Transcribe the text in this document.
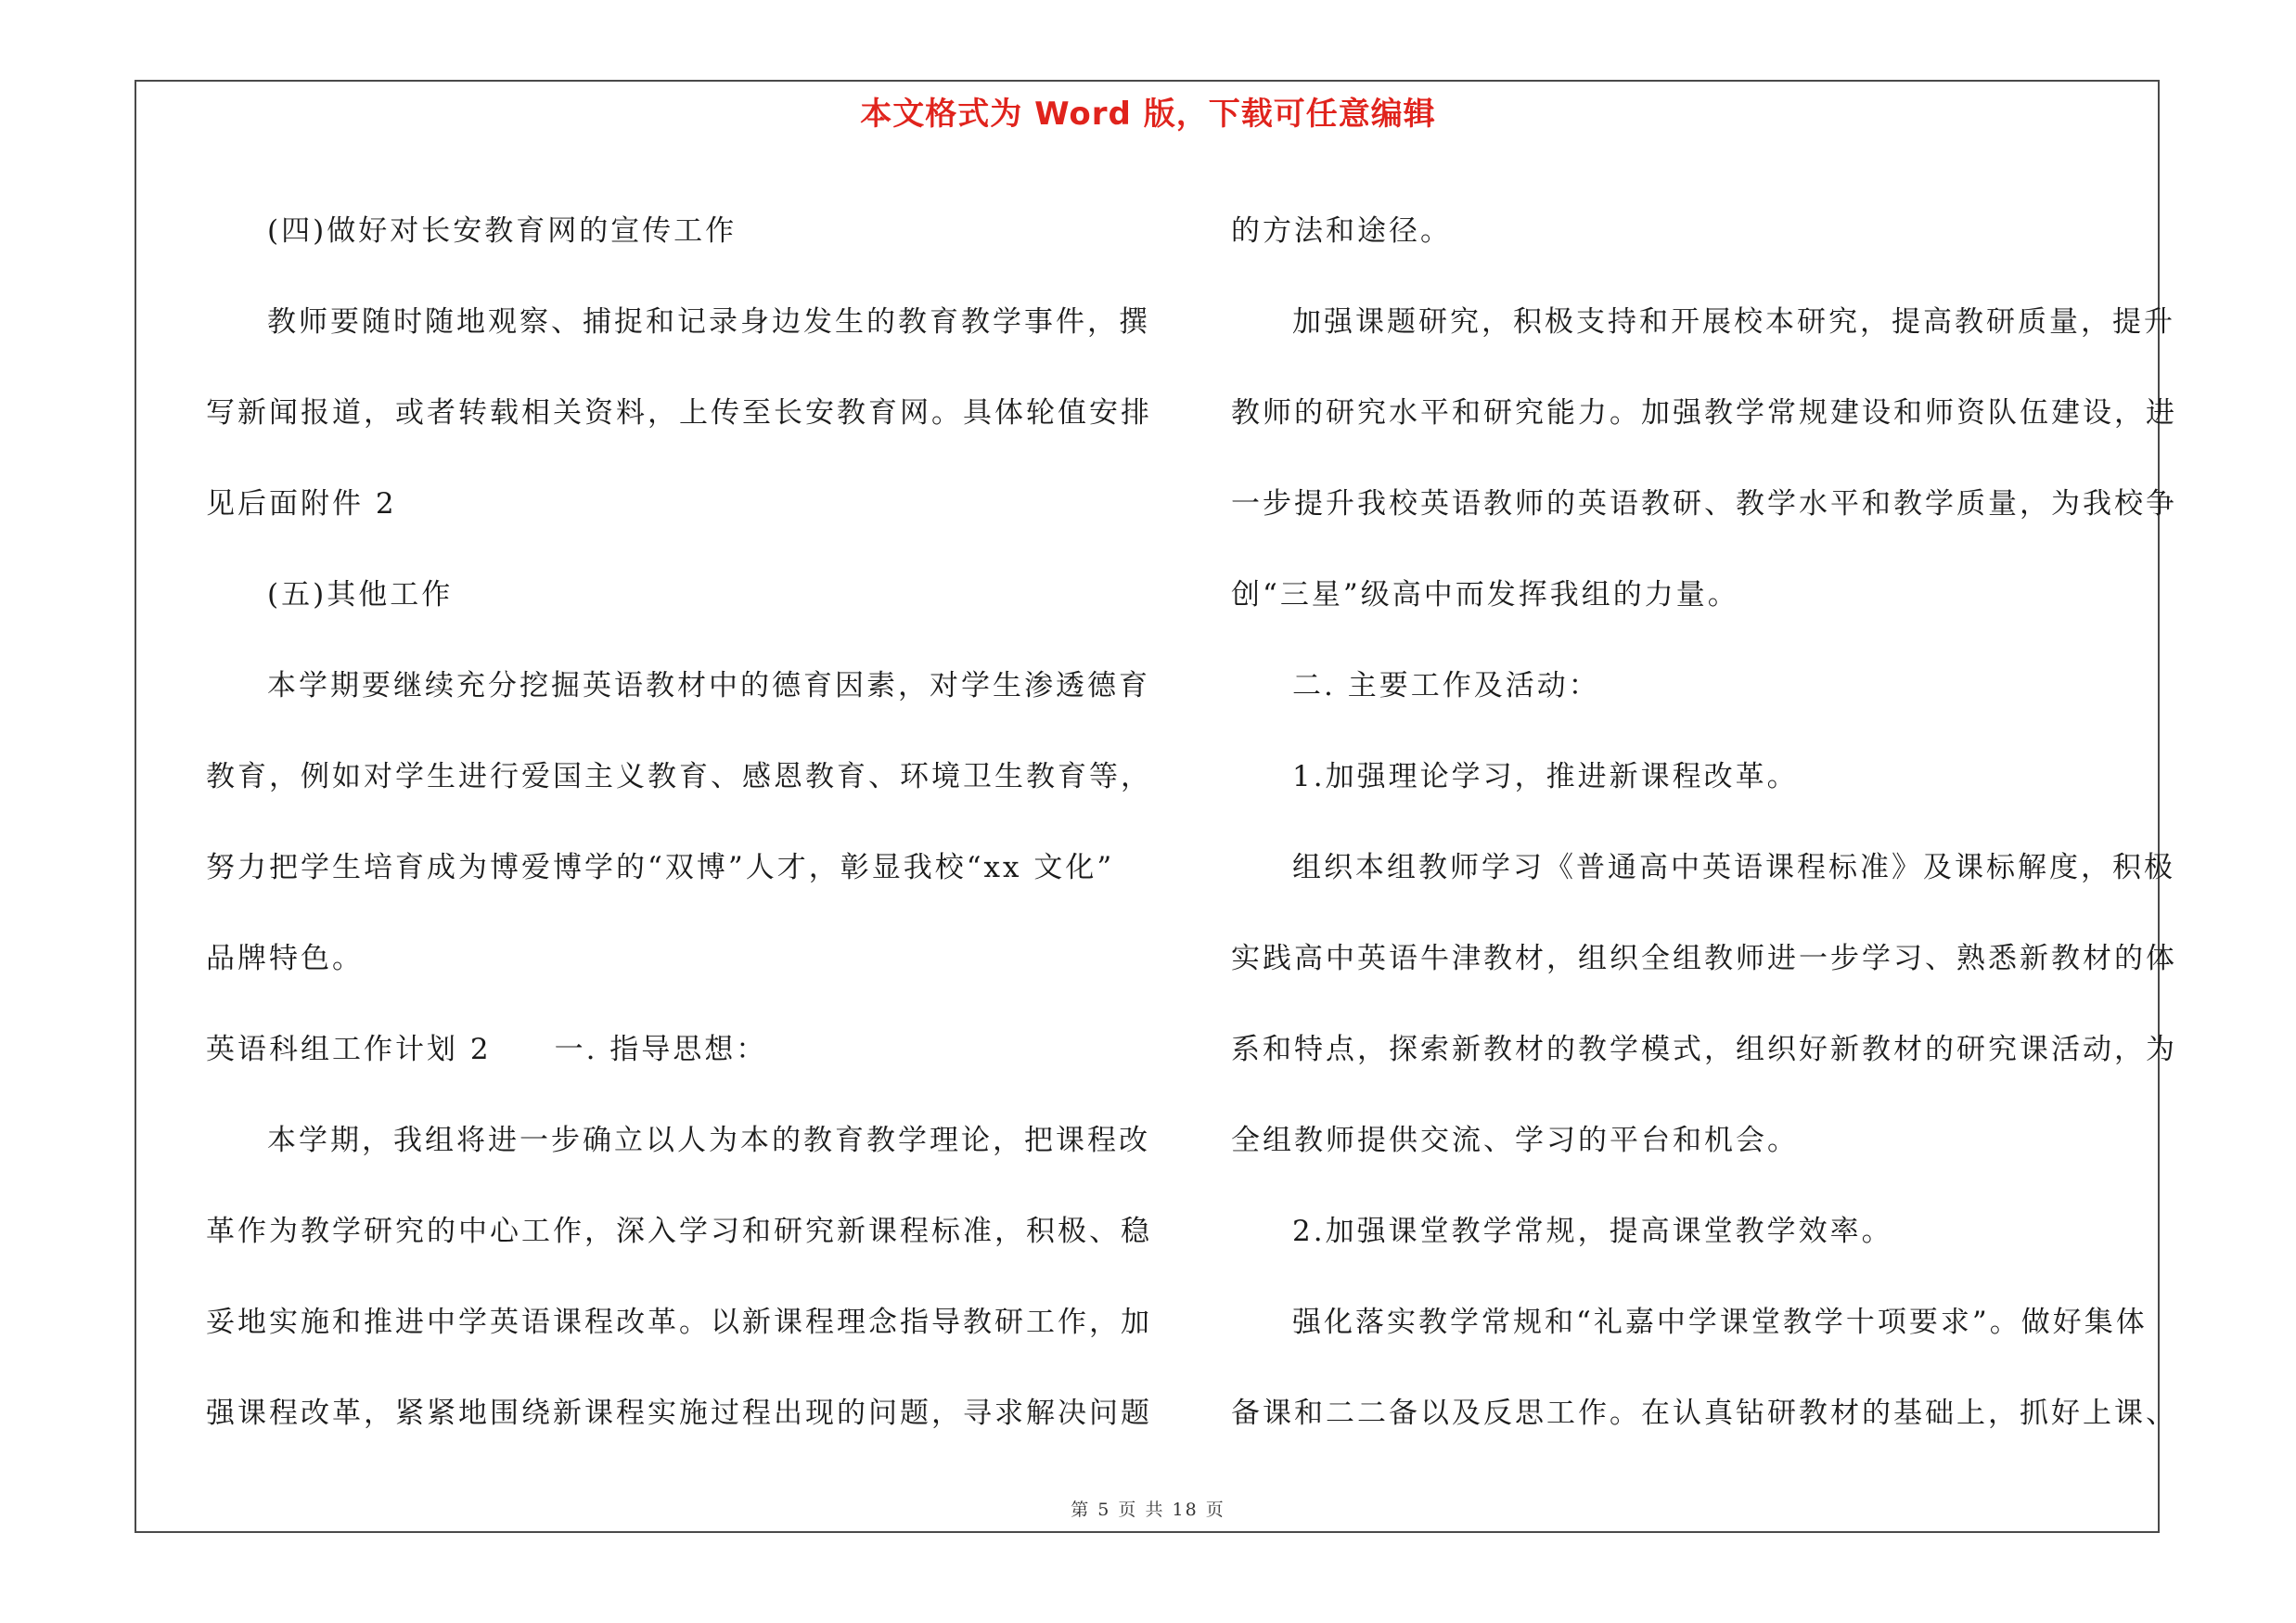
本文格式为 Word 版，下载可任意编辑

(四)做好对长安教育网的宣传工作

教师要随时随地观察、捕捉和记录身边发生的教育教学事件，撰

写新闻报道，或者转载相关资料，上传至长安教育网。具体轮值安排

见后面附件 2

(五)其他工作

本学期要继续充分挖掘英语教材中的德育因素，对学生渗透德育

教育，例如对学生进行爱国主义教育、感恩教育、环境卫生教育等，

努力把学生培育成为博爱博学的“双博”人才，彰显我校“xx 文化”

品牌特色。

英语科组工作计划 2　　一. 指导思想：

本学期，我组将进一步确立以人为本的教育教学理论，把课程改

革作为教学研究的中心工作，深入学习和研究新课程标准，积极、稳

妥地实施和推进中学英语课程改革。以新课程理念指导教研工作，加

强课程改革，紧紧地围绕新课程实施过程出现的问题，寻求解决问题

的方法和途径。

加强课题研究，积极支持和开展校本研究，提高教研质量，提升

教师的研究水平和研究能力。加强教学常规建设和师资队伍建设，进

一步提升我校英语教师的英语教研、教学水平和教学质量，为我校争

创“三星”级高中而发挥我组的力量。

二. 主要工作及活动：

1.加强理论学习，推进新课程改革。

组织本组教师学习《普通高中英语课程标准》及课标解度，积极

实践高中英语牛津教材，组织全组教师进一步学习、熟悉新教材的体

系和特点，探索新教材的教学模式，组织好新教材的研究课活动，为

全组教师提供交流、学习的平台和机会。

2.加强课堂教学常规，提高课堂教学效率。

强化落实教学常规和“礼嘉中学课堂教学十项要求”。做好集体

备课和二二备以及反思工作。在认真钻研教材的基础上，抓好上课、

第 5 页 共 18 页
